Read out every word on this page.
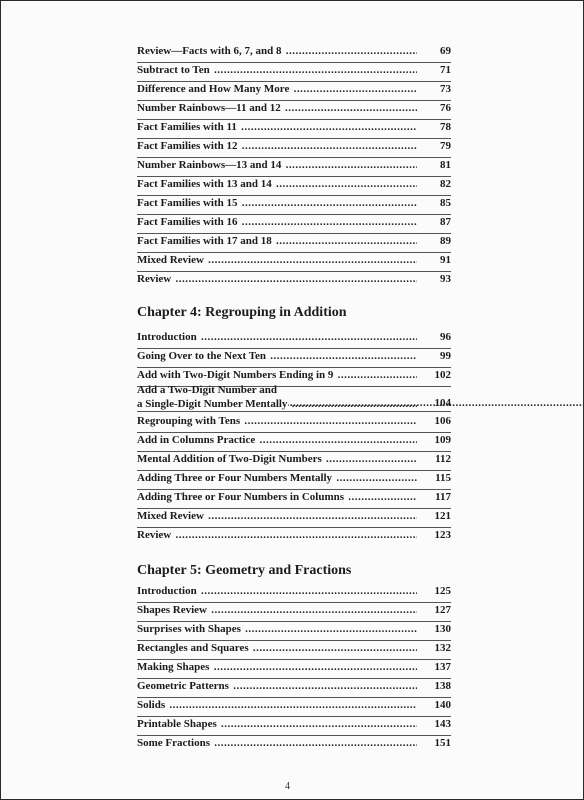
Review—Facts with 6, 7, and 8 .....	69
Subtract to Ten .....	71
Difference and How Many More .....	73
Number Rainbows—11 and 12 .....	76
Fact Families with 11 .....	78
Fact Families with 12 .....	79
Number Rainbows—13 and 14 .....	81
Fact Families with 13 and 14 .....	82
Fact Families with 15 .....	85
Fact Families with 16 .....	87
Fact Families with 17 and 18 .....	89
Mixed Review .....	91
Review .....	93
Chapter 4: Regrouping in Addition
Introduction .....	96
Going Over to the Next Ten .....	99
Add with Two-Digit Numbers Ending in 9 .....	102
Add a Two-Digit Number and
.....
a Single-Digit Number Mentally .....	104
Regrouping with Tens .....	106
Add in Columns Practice .....	109
Mental Addition of Two-Digit Numbers .....	112
Adding Three or Four Numbers Mentally .....	115
Adding Three or Four Numbers in Columns .....	117
Mixed Review .....	121
Review .....	123
Chapter 5: Geometry and Fractions
Introduction .....	125
Shapes Review .....	127
Surprises with Shapes .....	130
Rectangles and Squares .....	132
Making Shapes .....	137
Geometric Patterns .....	138
Solids .....	140
Printable Shapes .....	143
Some Fractions .....	151
4
